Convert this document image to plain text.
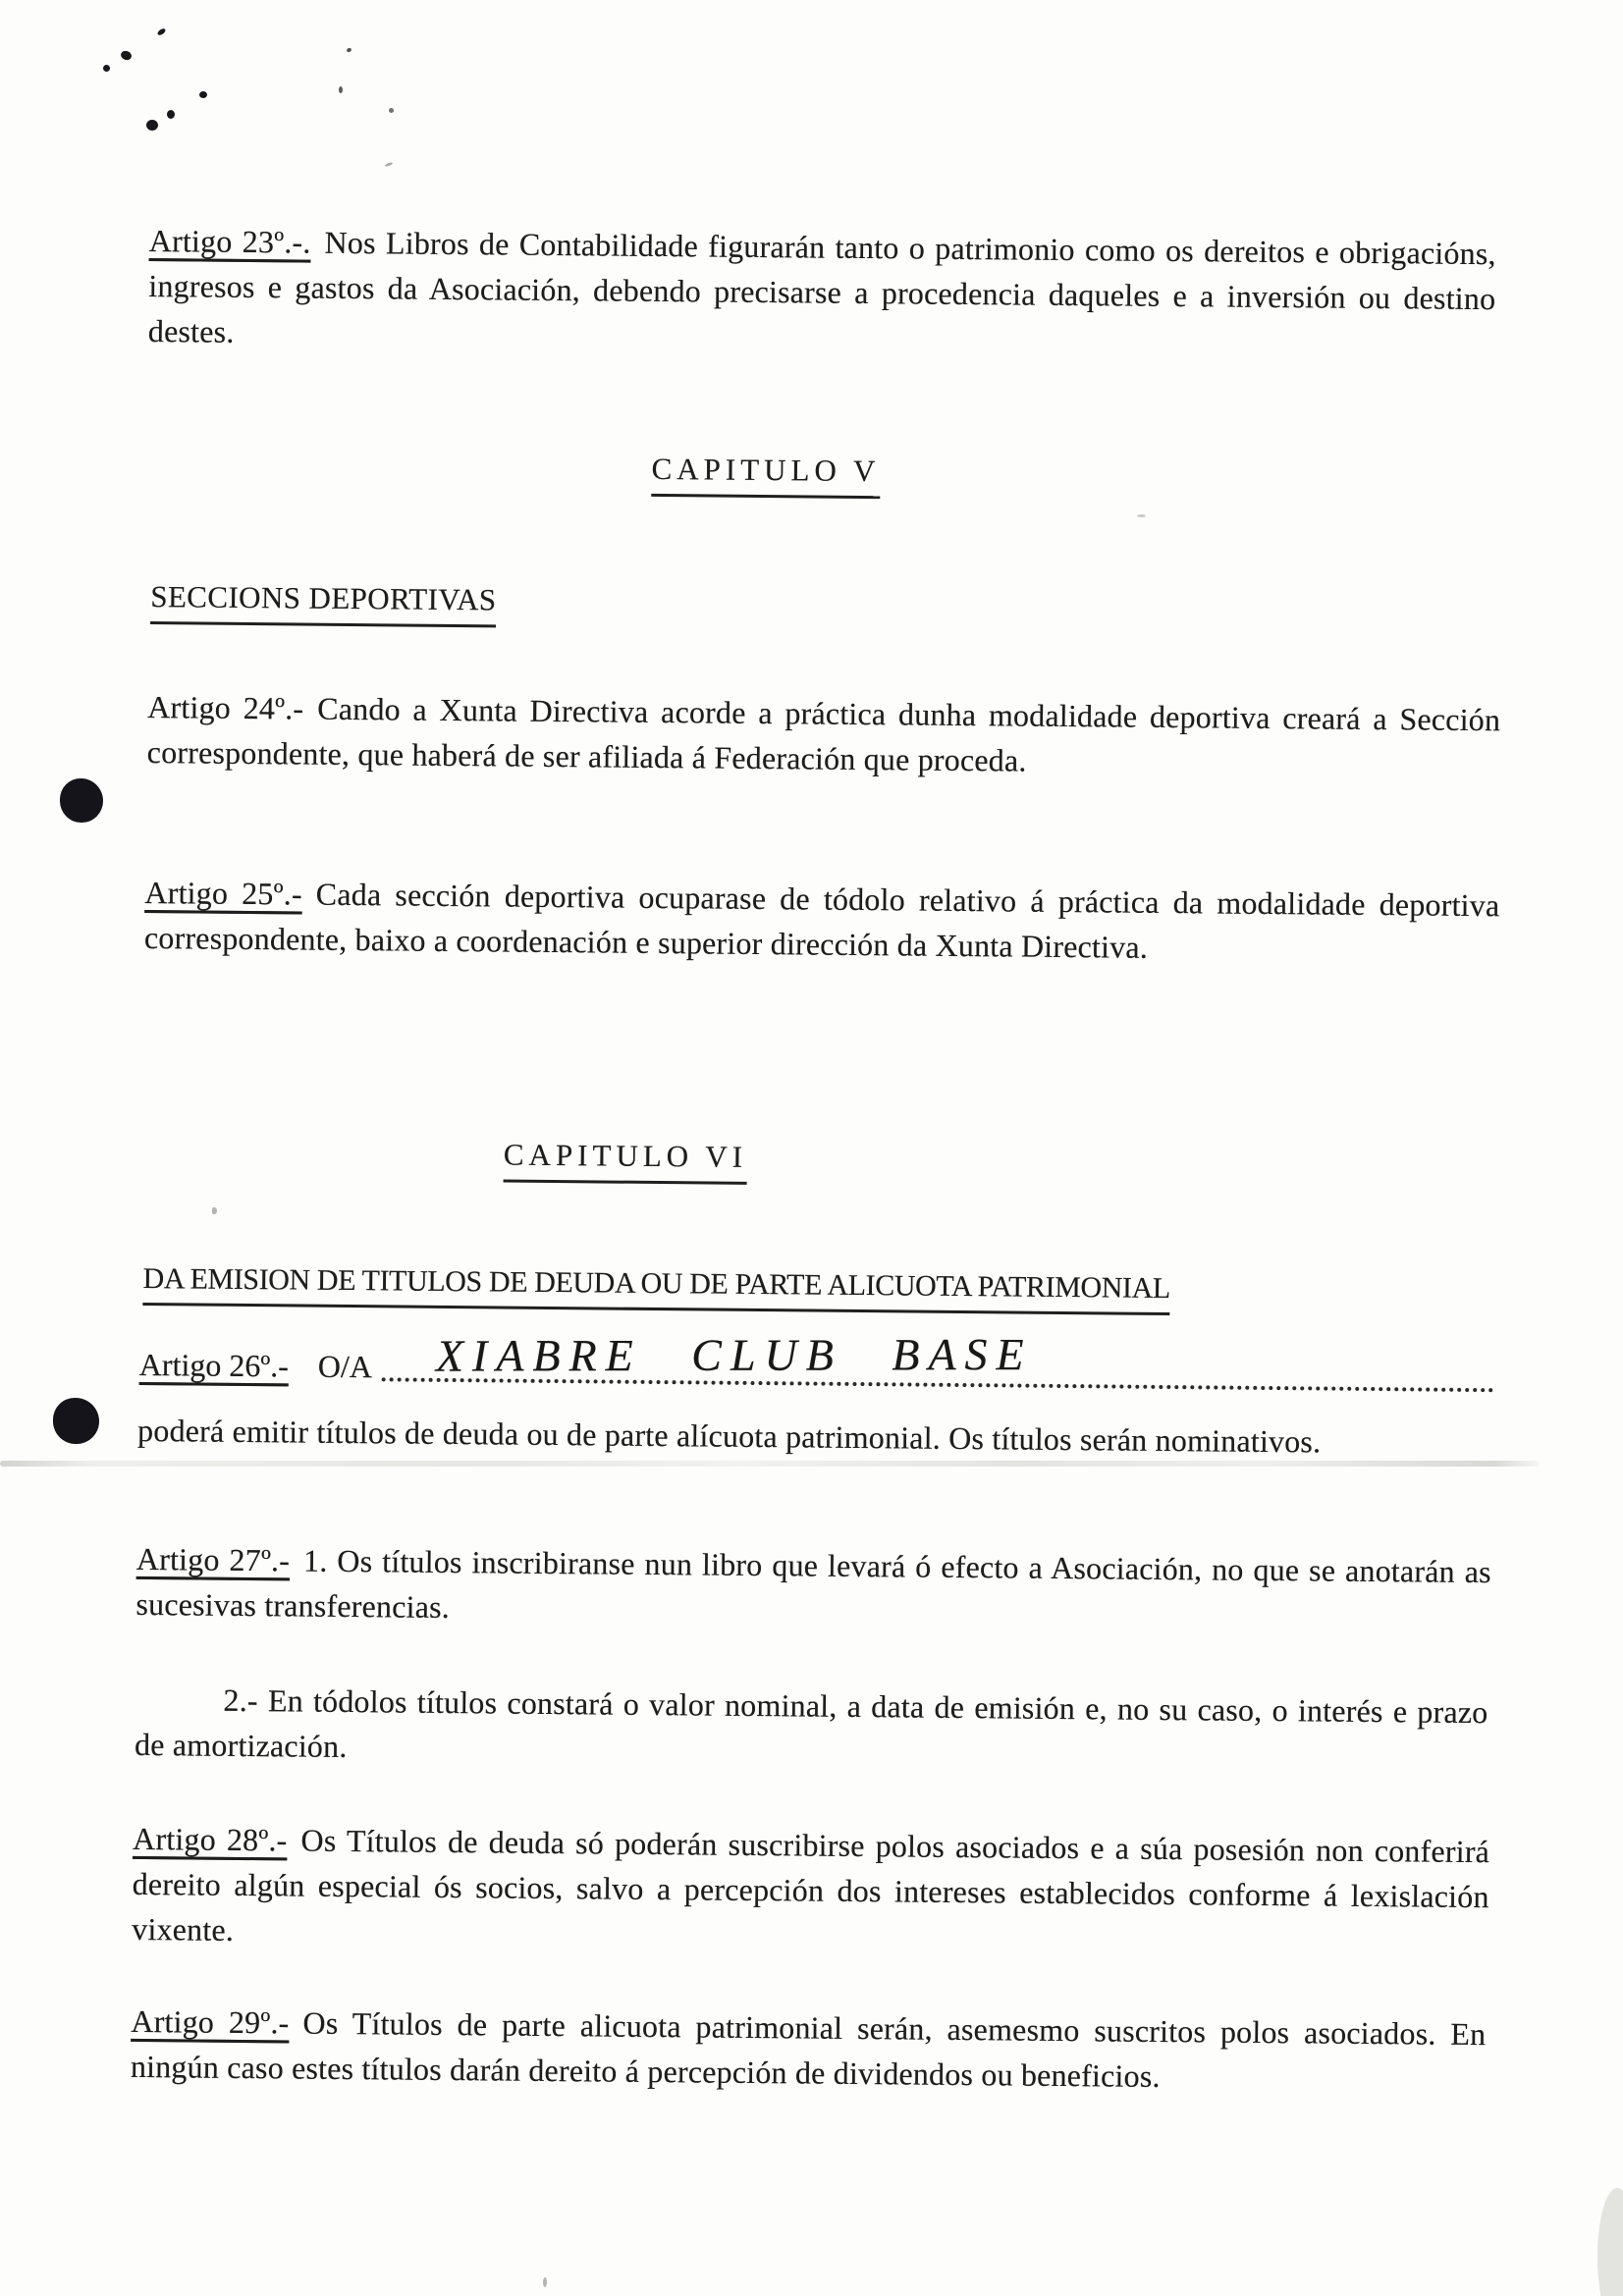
Artigo 23º.-. Nos Libros de Contabilidade figurarán tanto o patrimonio como os dereitos e obrigacións, ingresos e gastos da Asociación, debendo precisarse a procedencia daqueles e a inversión ou destino destes.

CAPITULO V
SECCIONS DEPORTIVAS

Artigo 24º.- Cando a Xunta Directiva acorde a práctica dunha modalidade deportiva creará a Sección correspondente, que haberá de ser afiliada á Federación que proceda.

Artigo 25º.- Cada sección deportiva ocuparase de tódolo relativo á práctica da modalidade deportiva correspondente, baixo a coordenación e superior dirección da Xunta Directiva.

CAPITULO VI
DA EMISION DE TITULOS DE DEUDA OU DE PARTE ALICUOTA PATRIMONIAL
Artigo 26º.- O/A XIABRE CLUB BASE

poderá emitir títulos de deuda ou de parte alícuota patrimonial. Os títulos serán nominativos.

Artigo 27º.- 1. Os títulos inscribiranse nun libro que levará ó efecto a Asociación, no que se anotarán as sucesivas transferencias.

2.- En tódolos títulos constará o valor nominal, a data de emisión e, no su caso, o interés e prazo de amortización.

Artigo 28º.- Os Títulos de deuda só poderán suscribirse polos asociados e a súa posesión non conferirá dereito algún especial ós socios, salvo a percepción dos intereses establecidos conforme á lexislación vixente.

Artigo 29º.- Os Títulos de parte alicuota patrimonial serán, asemesmo suscritos polos asociados. En ningún caso estes títulos darán dereito á percepción de dividendos ou beneficios.
